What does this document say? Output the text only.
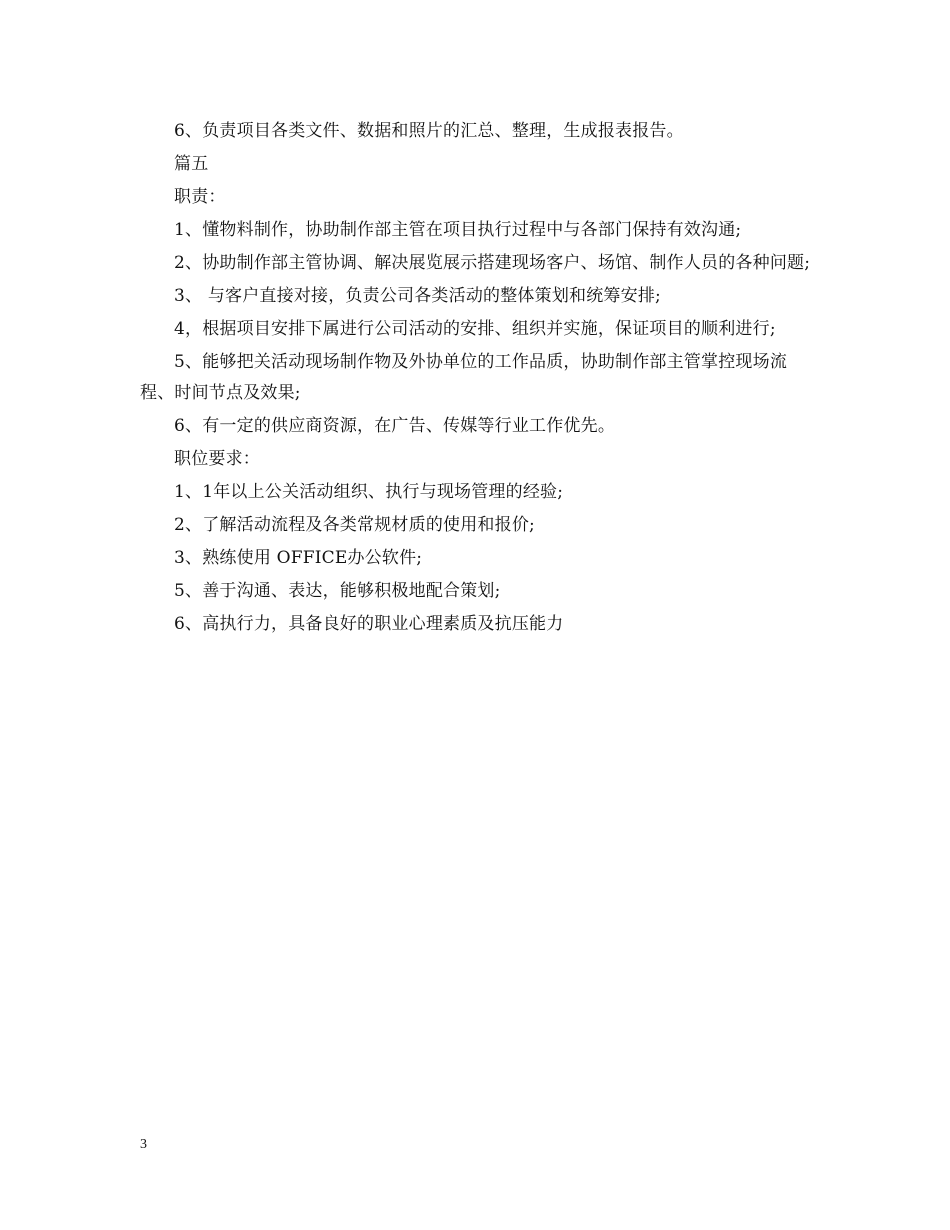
6、负责项目各类文件、数据和照片的汇总、整理，生成报表报告。

篇五

职责：

1、懂物料制作，协助制作部主管在项目执行过程中与各部门保持有效沟通;

2、协助制作部主管协调、解决展览展示搭建现场客户、场馆、制作人员的各种问题;

3、 与客户直接对接，负责公司各类活动的整体策划和统筹安排;

4，根据项目安排下属进行公司活动的安排、组织并实施，保证项目的顺利进行;

5、能够把关活动现场制作物及外协单位的工作品质，协助制作部主管掌控现场流程、时间节点及效果;

6、有一定的供应商资源，在广告、传媒等行业工作优先。

职位要求：

1、1年以上公关活动组织、执行与现场管理的经验;

2、了解活动流程及各类常规材质的使用和报价;

3、熟练使用 OFFICE办公软件;

5、善于沟通、表达，能够积极地配合策划;

6、高执行力，具备良好的职业心理素质及抗压能力

3
